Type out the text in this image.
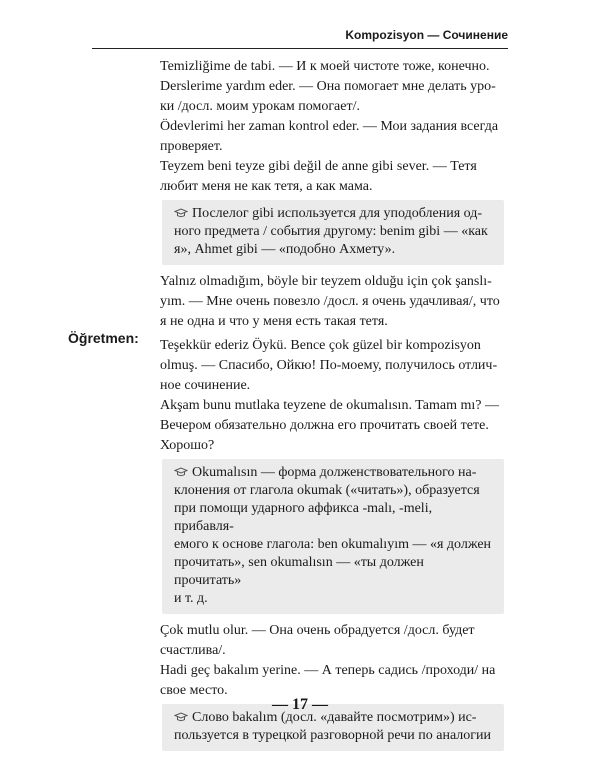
Kompozisyon — Сочинение

Temizliğime de tabi. — И к моей чистоте тоже, конечно.

Derslerime yardım eder. — Она помогает мне делать уро-

ки /досл. моим урокам помогает/.

Ödevlerimi her zaman kontrol eder. — Мои задания всегда

проверяет.

Teyzem beni teyze gibi değil de anne gibi sever. — Тетя

любит меня не как тетя, а как мама.

Послелог gibi используется для уподобления од-
ного предмета / события другому: benim gibi — «как
я», Ahmet gibi — «подобно Ахмету».

Yalnız olmadığım, böyle bir teyzem olduğu için çok şanslı-

yım. — Мне очень повезло /досл. я очень удачливая/, что

я не одна и что у меня есть такая тетя.

Teşekkür ederiz Öykü. Bence çok güzel bir kompozisyon

olmuş. — Спасибо, Ойкю! По-моему, получилось отлич-

ное сочинение.

Akşam bunu mutlaka teyzene de okumalısın. Tamam mı? —

Вечером обязательно должна его прочитать своей тете.

Хорошо?

Okumalısın — форма долженствовательного на-
клонения от глагола okumak («читать»), образуется
при помощи ударного аффикса -malı, -meli, прибавля-
емого к основе глагола: ben okumalıyım — «я должен
прочитать», sen okumalısın — «ты должен прочитать»
и т. д.

Çok mutlu olur. — Она очень обрадуется /досл. будет

счастлива/.

Hadi geç bakalım yerine. — А теперь садись /проходи/ на

свое место.

Слово bakalım (досл. «давайте посмотрим») ис-
пользуется в турецкой разговорной речи по аналогии
Öğretmen:
— 17 —
